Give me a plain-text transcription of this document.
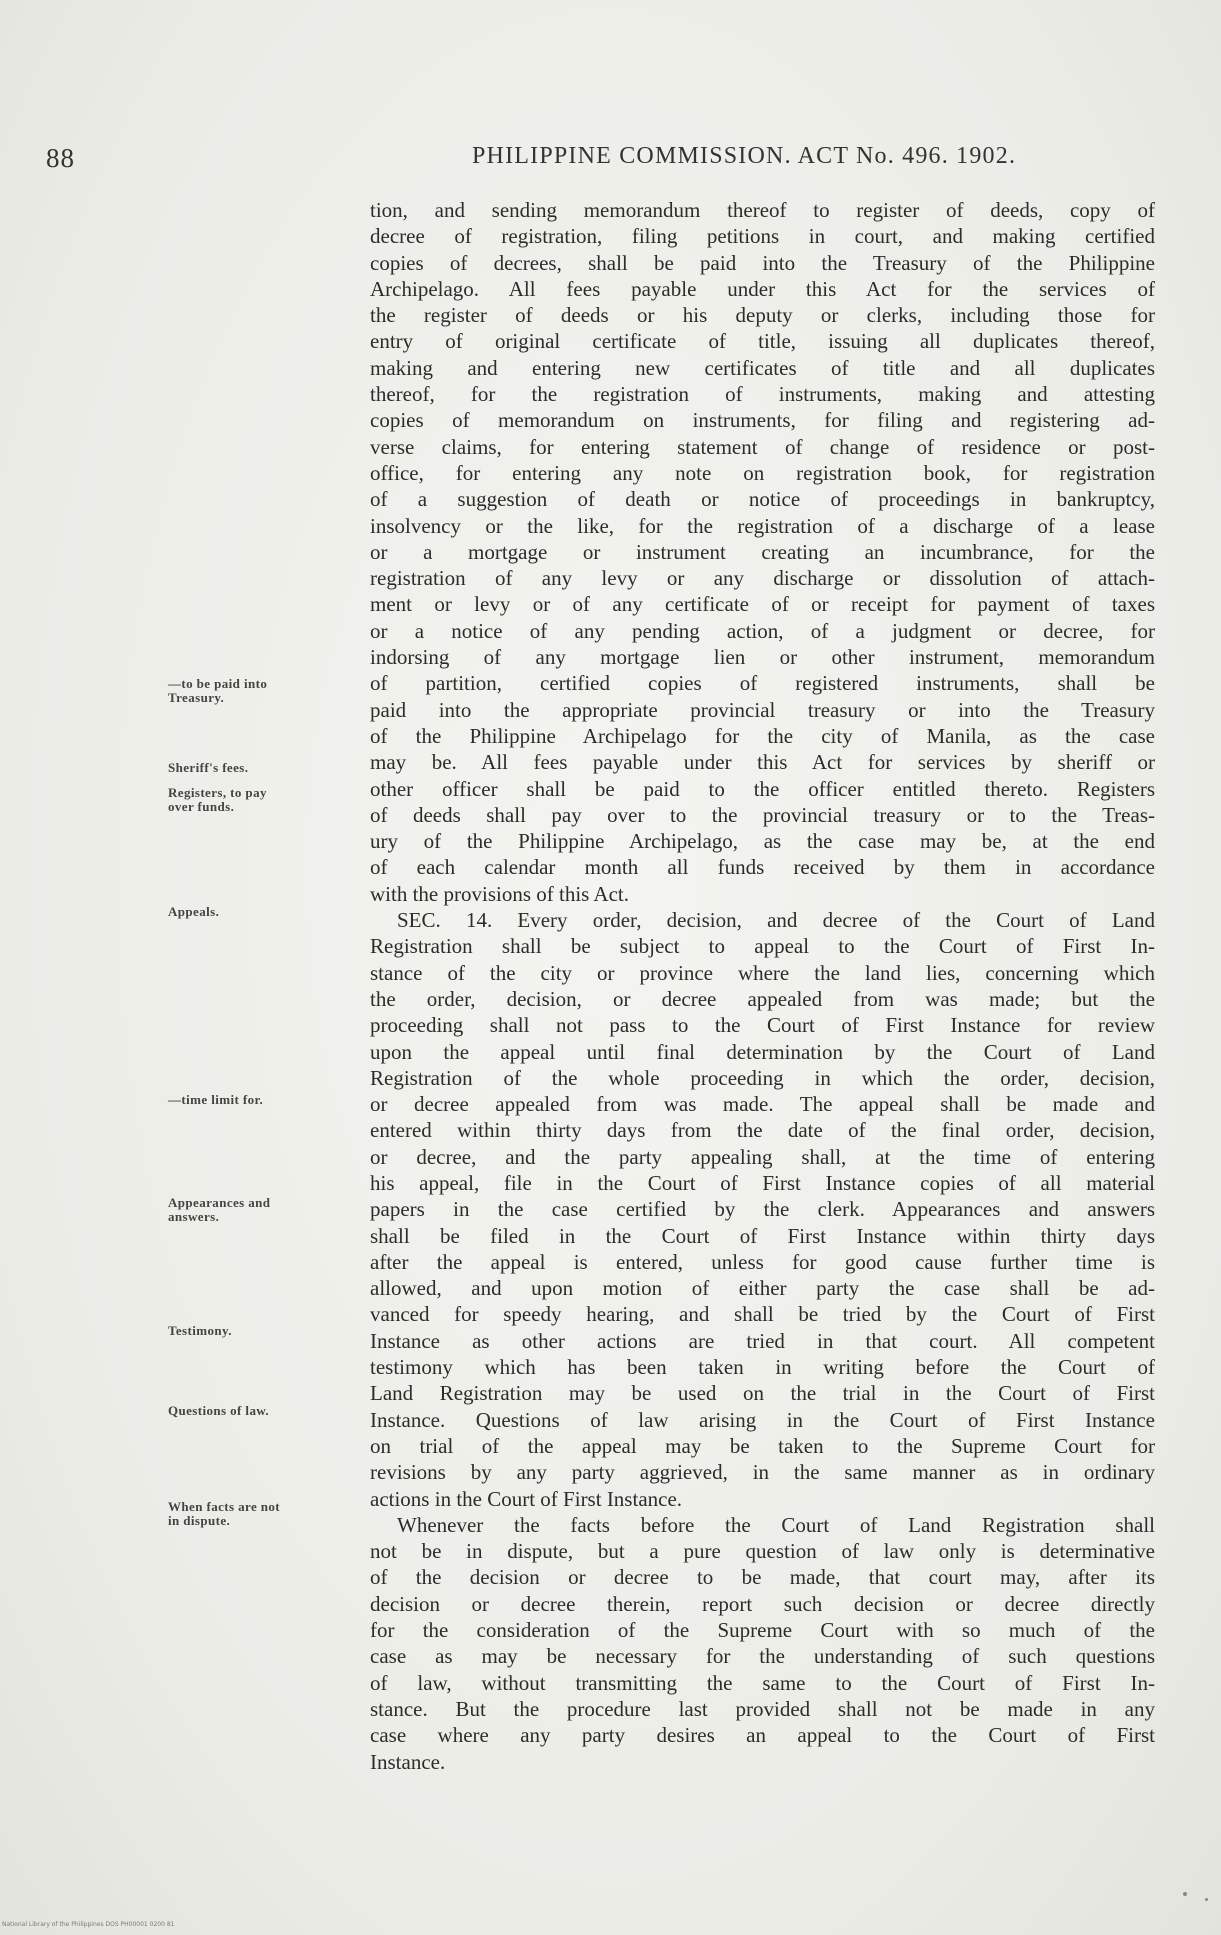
88	PHILIPPINE COMMISSION. ACT No. 496. 1902.
tion, and sending memorandum thereof to register of deeds, copy of
decree of registration, filing petitions in court, and making certified
copies of decrees, shall be paid into the Treasury of the Philippine
Archipelago. All fees payable under this Act for the services of
the register of deeds or his deputy or clerks, including those for
entry of original certificate of title, issuing all duplicates thereof,
making and entering new certificates of title and all duplicates
thereof, for the registration of instruments, making and attesting
copies of memorandum on instruments, for filing and registering ad-
verse claims, for entering statement of change of residence or post-
office, for entering any note on registration book, for registration
of a suggestion of death or notice of proceedings in bankruptcy,
insolvency or the like, for the registration of a discharge of a lease
or a mortgage or instrument creating an incumbrance, for the
registration of any levy or any discharge or dissolution of attach-
ment or levy or of any certificate of or receipt for payment of taxes
or a notice of any pending action, of a judgment or decree, for
indorsing of any mortgage lien or other instrument, memorandum
of partition, certified copies of registered instruments, shall be
paid into the appropriate provincial treasury or into the Treasury
of the Philippine Archipelago for the city of Manila, as the case
may be. All fees payable under this Act for services by sheriff or
other officer shall be paid to the officer entitled thereto. Registers
of deeds shall pay over to the provincial treasury or to the Treas-
ury of the Philippine Archipelago, as the case may be, at the end
of each calendar month all funds received by them in accordance
with the provisions of this Act.
SEC. 14. Every order, decision, and decree of the Court of Land
Registration shall be subject to appeal to the Court of First In-
stance of the city or province where the land lies, concerning which
the order, decision, or decree appealed from was made; but the
proceeding shall not pass to the Court of First Instance for review
upon the appeal until final determination by the Court of Land
Registration of the whole proceeding in which the order, decision,
or decree appealed from was made. The appeal shall be made and
entered within thirty days from the date of the final order, decision,
or decree, and the party appealing shall, at the time of entering
his appeal, file in the Court of First Instance copies of all material
papers in the case certified by the clerk. Appearances and answers
shall be filed in the Court of First Instance within thirty days
after the appeal is entered, unless for good cause further time is
allowed, and upon motion of either party the case shall be ad-
vanced for speedy hearing, and shall be tried by the Court of First
Instance as other actions are tried in that court. All competent
testimony which has been taken in writing before the Court of
Land Registration may be used on the trial in the Court of First
Instance. Questions of law arising in the Court of First Instance
on trial of the appeal may be taken to the Supreme Court for
revisions by any party aggrieved, in the same manner as in ordinary
actions in the Court of First Instance.
Whenever the facts before the Court of Land Registration shall
not be in dispute, but a pure question of law only is determinative
of the decision or decree to be made, that court may, after its
decision or decree therein, report such decision or decree directly
for the consideration of the Supreme Court with so much of the
case as may be necessary for the understanding of such questions
of law, without transmitting the same to the Court of First In-
stance. But the procedure last provided shall not be made in any
case where any party desires an appeal to the Court of First
Instance.
—to be paid into
Treasury.
Sheriff's fees.
Registers, to pay
over funds.
Appeals.
—time limit for.
Appearances and
answers.
Testimony.
Questions of law.
When facts are not
in dispute.
National Library of the Philippines DOS PH00001 0200 81
